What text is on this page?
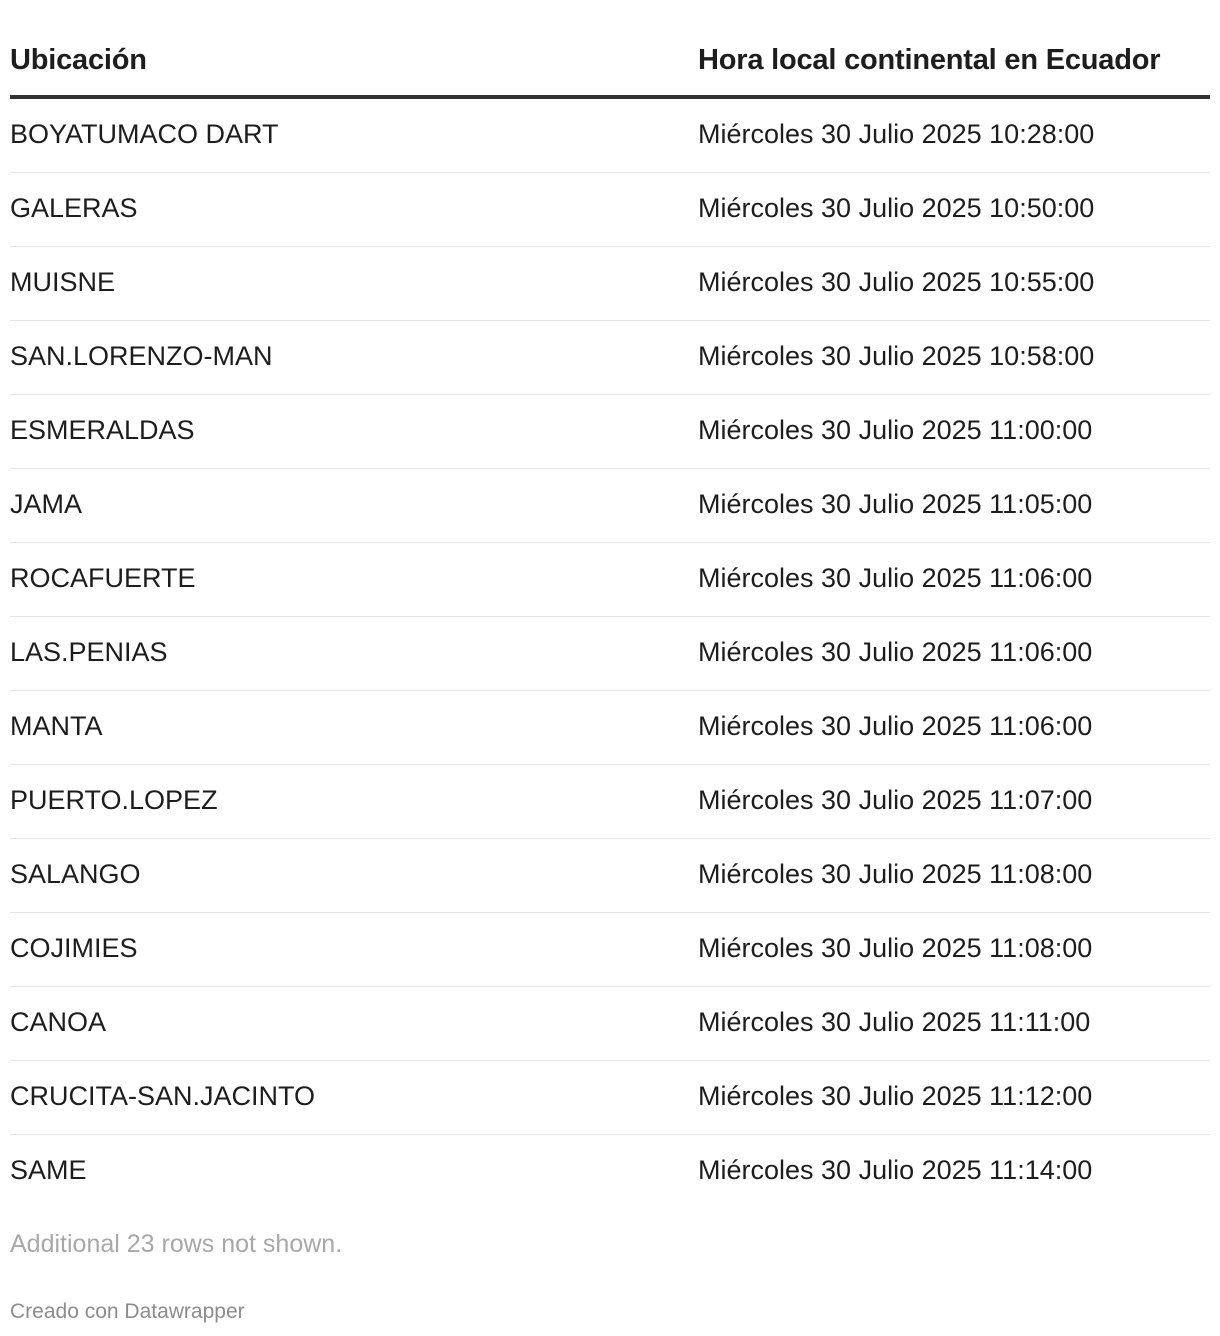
Ubicación	Hora local continental en Ecuador
BOYATUMACO DART	Miércoles 30 Julio 2025 10:28:00
GALERAS	Miércoles 30 Julio 2025 10:50:00
MUISNE	Miércoles 30 Julio 2025 10:55:00
SAN.LORENZO-MAN	Miércoles 30 Julio 2025 10:58:00
ESMERALDAS	Miércoles 30 Julio 2025 11:00:00
JAMA	Miércoles 30 Julio 2025 11:05:00
ROCAFUERTE	Miércoles 30 Julio 2025 11:06:00
LAS.PENIAS	Miércoles 30 Julio 2025 11:06:00
MANTA	Miércoles 30 Julio 2025 11:06:00
PUERTO.LOPEZ	Miércoles 30 Julio 2025 11:07:00
SALANGO	Miércoles 30 Julio 2025 11:08:00
COJIMIES	Miércoles 30 Julio 2025 11:08:00
CANOA	Miércoles 30 Julio 2025 11:11:00
CRUCITA-SAN.JACINTO	Miércoles 30 Julio 2025 11:12:00
SAME	Miércoles 30 Julio 2025 11:14:00
Additional 23 rows not shown.
Creado con Datawrapper
